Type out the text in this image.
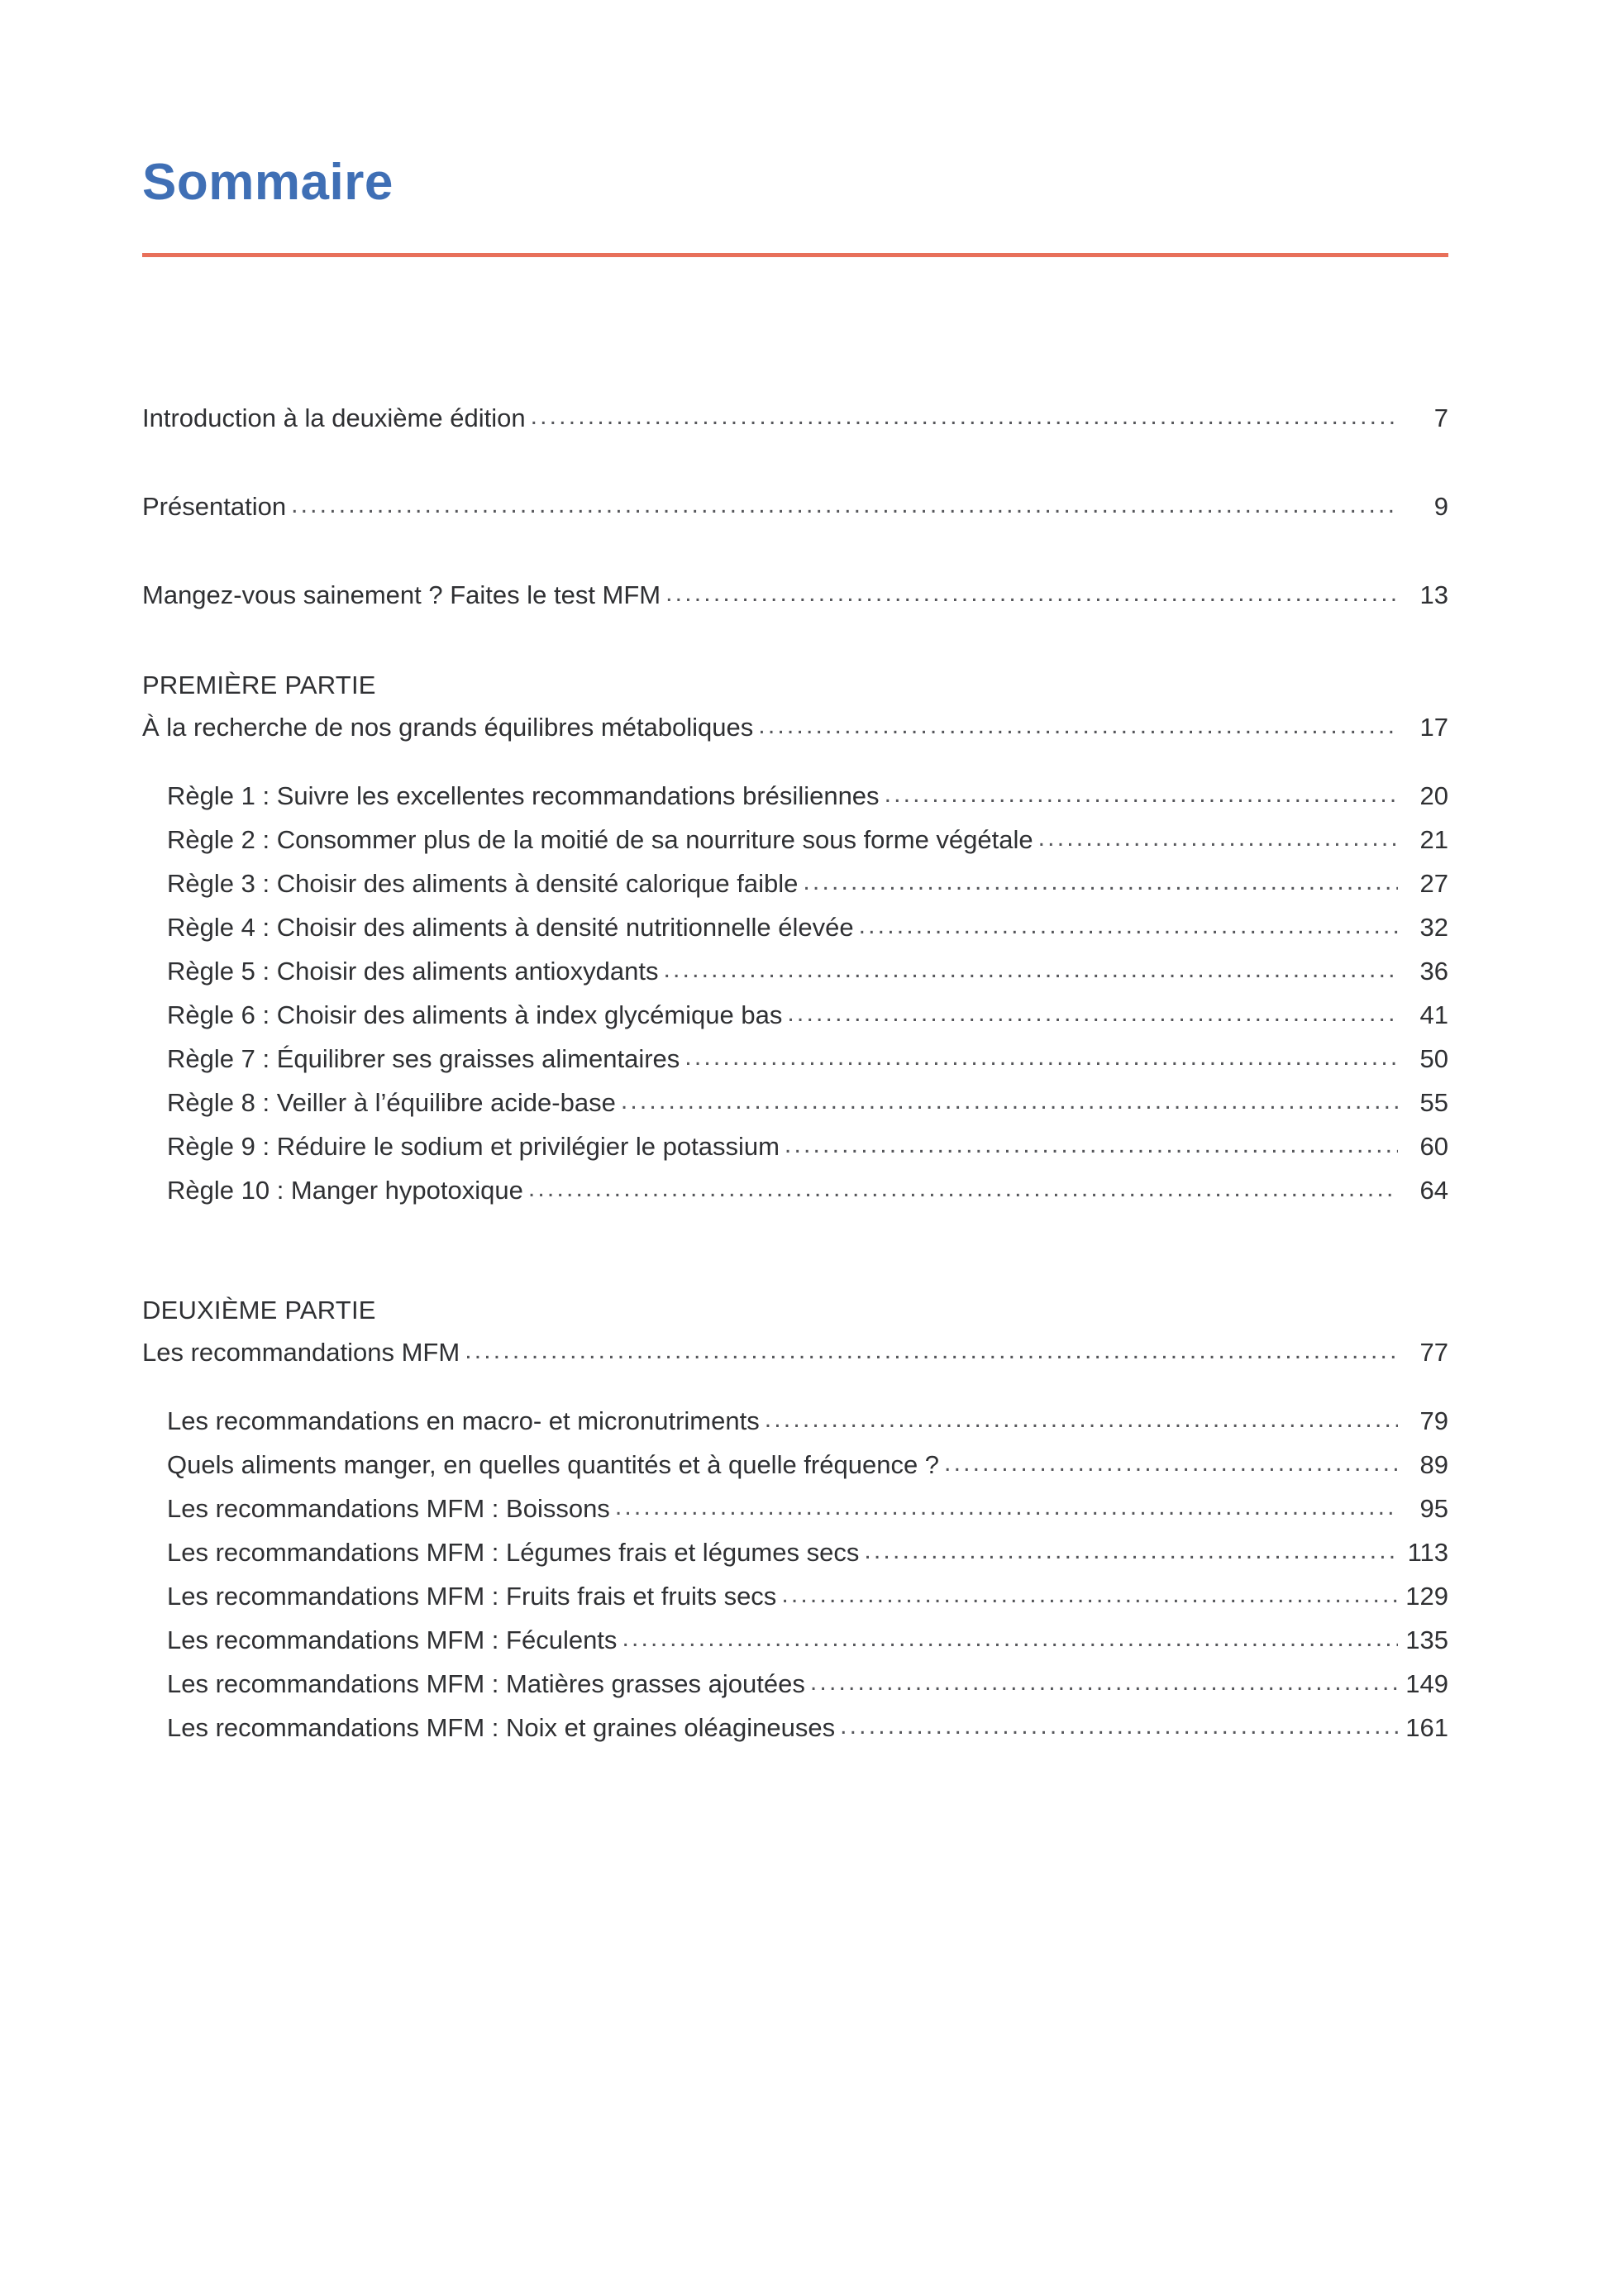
Sommaire
Introduction à la deuxième édition .....	7
Présentation .....	9
Mangez-vous sainement ? Faites le test MFM .....	13
PREMIÈRE PARTIE
À la recherche de nos grands équilibres métaboliques .....	17
Règle 1 : Suivre les excellentes recommandations brésiliennes .....	20
Règle 2 : Consommer plus de la moitié de sa nourriture sous forme végétale .....	21
Règle 3 : Choisir des aliments à densité calorique faible .....	27
Règle 4 : Choisir des aliments à densité nutritionnelle élevée .....	32
Règle 5 : Choisir des aliments antioxydants .....	36
Règle 6 : Choisir des aliments à index glycémique bas .....	41
Règle 7 : Équilibrer ses graisses alimentaires .....	50
Règle 8 : Veiller à l’équilibre acide-base .....	55
Règle 9 : Réduire le sodium et privilégier le potassium .....	60
Règle 10 : Manger hypotoxique .....	64
DEUXIÈME PARTIE
Les recommandations MFM .....	77
Les recommandations en macro- et micronutriments .....	79
Quels aliments manger, en quelles quantités et à quelle fréquence ? .....	89
Les recommandations MFM : Boissons .....	95
Les recommandations MFM : Légumes frais et légumes secs .....	113
Les recommandations MFM : Fruits frais et fruits secs .....	129
Les recommandations MFM : Féculents .....	135
Les recommandations MFM : Matières grasses ajoutées .....	149
Les recommandations MFM : Noix et graines oléagineuses .....	161
